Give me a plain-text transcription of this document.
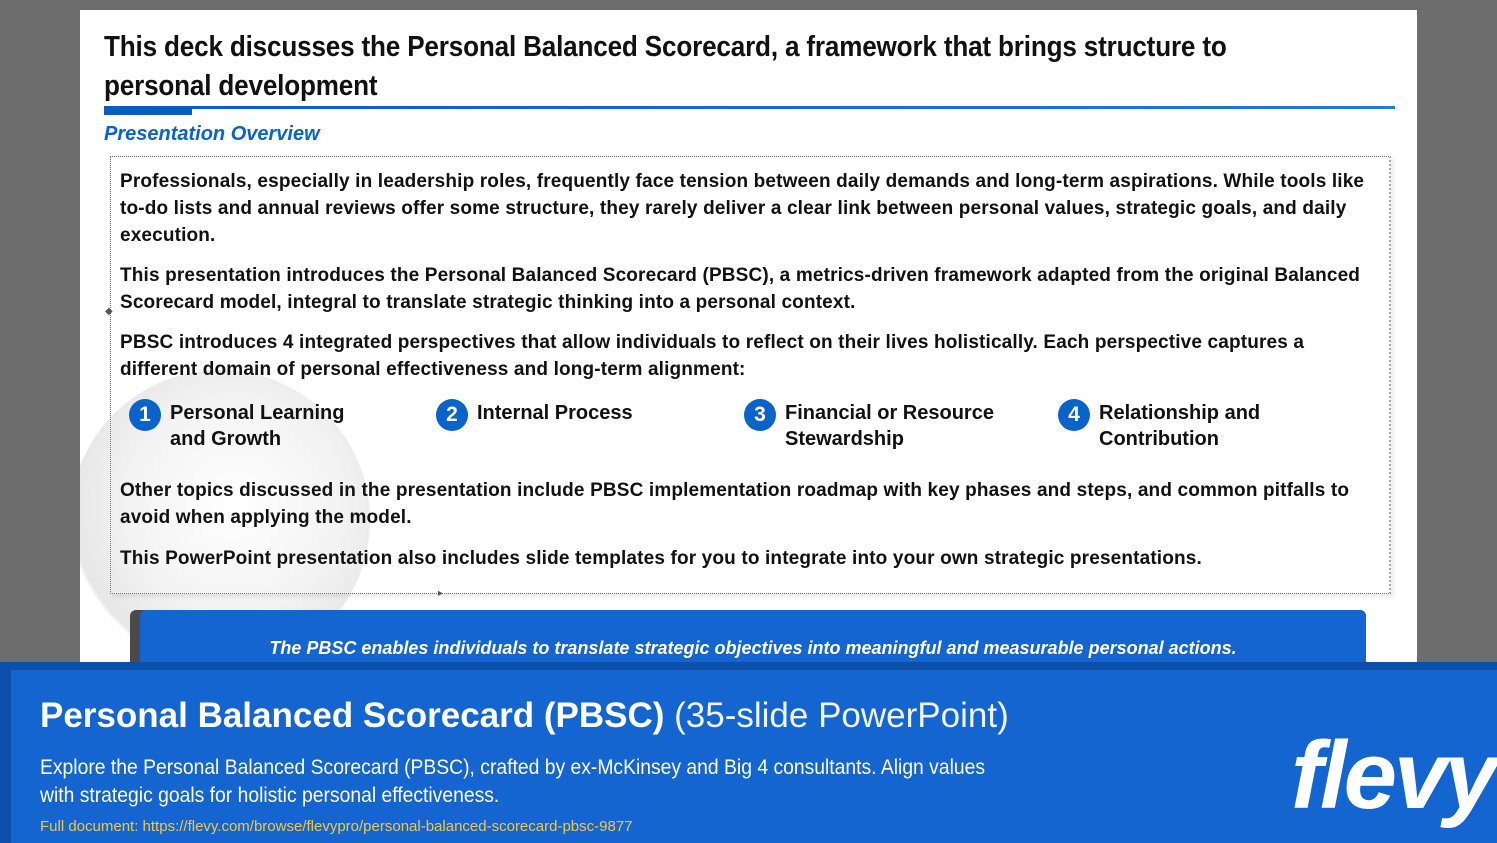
This deck discusses the Personal Balanced Scorecard, a framework that brings structure to personal development
Presentation Overview
◆
▸
Professionals, especially in leadership roles, frequently face tension between daily demands and long-term aspirations. While tools like to-do lists and annual reviews offer some structure, they rarely deliver a clear link between personal values, strategic goals, and daily execution.
This presentation introduces the Personal Balanced Scorecard (PBSC), a metrics-driven framework adapted from the original Balanced Scorecard model, integral to translate strategic thinking into a personal context.
PBSC introduces 4 integrated perspectives that allow individuals to reflect on their lives holistically. Each perspective captures a different domain of personal effectiveness and long-term alignment:
1 Personal Learning and Growth
2 Internal Process	3 Financial or Resource Stewardship
4 Relationship and Contribution
Other topics discussed in the presentation include PBSC implementation roadmap with key phases and steps, and common pitfalls to avoid when applying the model.
This PowerPoint presentation also includes slide templates for you to integrate into your own strategic presentations.
The PBSC enables individuals to translate strategic objectives into meaningful and measurable personal actions.
Personal Balanced Scorecard (PBSC) (35-slide PowerPoint)
Explore the Personal Balanced Scorecard (PBSC), crafted by ex-McKinsey and Big 4 consultants. Align values with strategic goals for holistic personal effectiveness.
Full document: https://flevy.com/browse/flevypro/personal-balanced-scorecard-pbsc-9877	flevy
